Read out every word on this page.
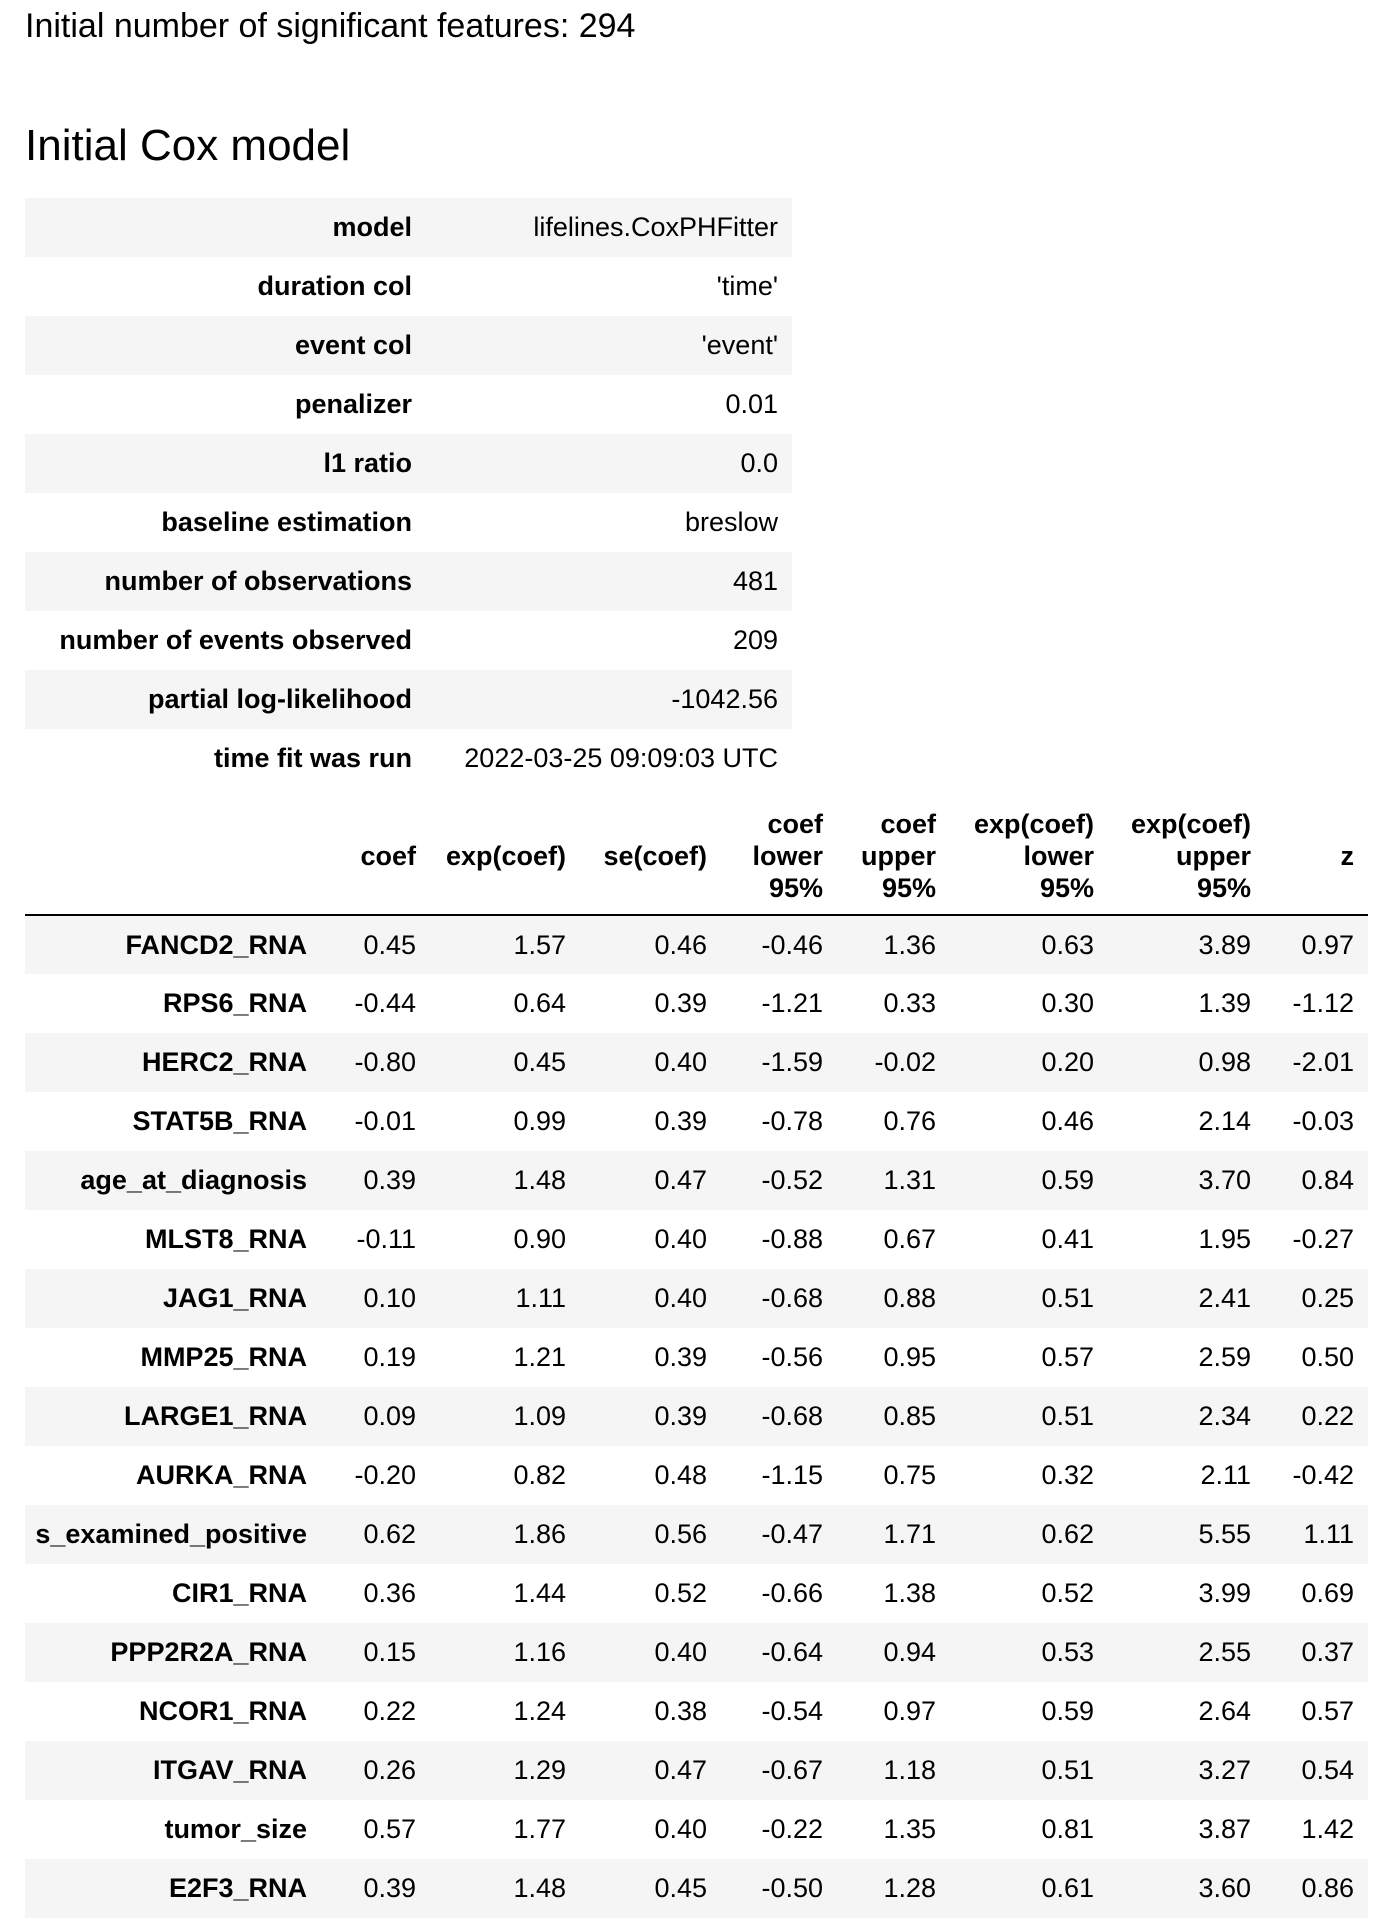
Initial number of significant features: 294
Initial Cox model
model	lifelines.CoxPHFitter
duration col	'time'
event col	'event'
penalizer	0.01
l1 ratio	0.0
baseline estimation	breslow
number of observations	481
number of events observed	209
partial log-likelihood	-1042.56
time fit was run	2022-03-25 09:09:03 UTC
	coef	exp(coef)	se(coef)	coef lower 95%	coef upper 95%	exp(coef) lower 95%	exp(coef) upper 95%	z

FANCD2_RNA	0.45	1.57	0.46	-0.46	1.36	0.63	3.89	0.97

RPS6_RNA	-0.44	0.64	0.39	-1.21	0.33	0.30	1.39	-1.12

HERC2_RNA	-0.80	0.45	0.40	-1.59	-0.02	0.20	0.98	-2.01

STAT5B_RNA	-0.01	0.99	0.39	-0.78	0.76	0.46	2.14	-0.03

age_at_diagnosis	0.39	1.48	0.47	-0.52	1.31	0.59	3.70	0.84

MLST8_RNA	-0.11	0.90	0.40	-0.88	0.67	0.41	1.95	-0.27

JAG1_RNA	0.10	1.11	0.40	-0.68	0.88	0.51	2.41	0.25

MMP25_RNA	0.19	1.21	0.39	-0.56	0.95	0.57	2.59	0.50

LARGE1_RNA	0.09	1.09	0.39	-0.68	0.85	0.51	2.34	0.22

AURKA_RNA	-0.20	0.82	0.48	-1.15	0.75	0.32	2.11	-0.42

s_examined_positive	0.62	1.86	0.56	-0.47	1.71	0.62	5.55	1.11

CIR1_RNA	0.36	1.44	0.52	-0.66	1.38	0.52	3.99	0.69

PPP2R2A_RNA	0.15	1.16	0.40	-0.64	0.94	0.53	2.55	0.37

NCOR1_RNA	0.22	1.24	0.38	-0.54	0.97	0.59	2.64	0.57

ITGAV_RNA	0.26	1.29	0.47	-0.67	1.18	0.51	3.27	0.54

tumor_size	0.57	1.77	0.40	-0.22	1.35	0.81	3.87	1.42

E2F3_RNA	0.39	1.48	0.45	-0.50	1.28	0.61	3.60	0.86
